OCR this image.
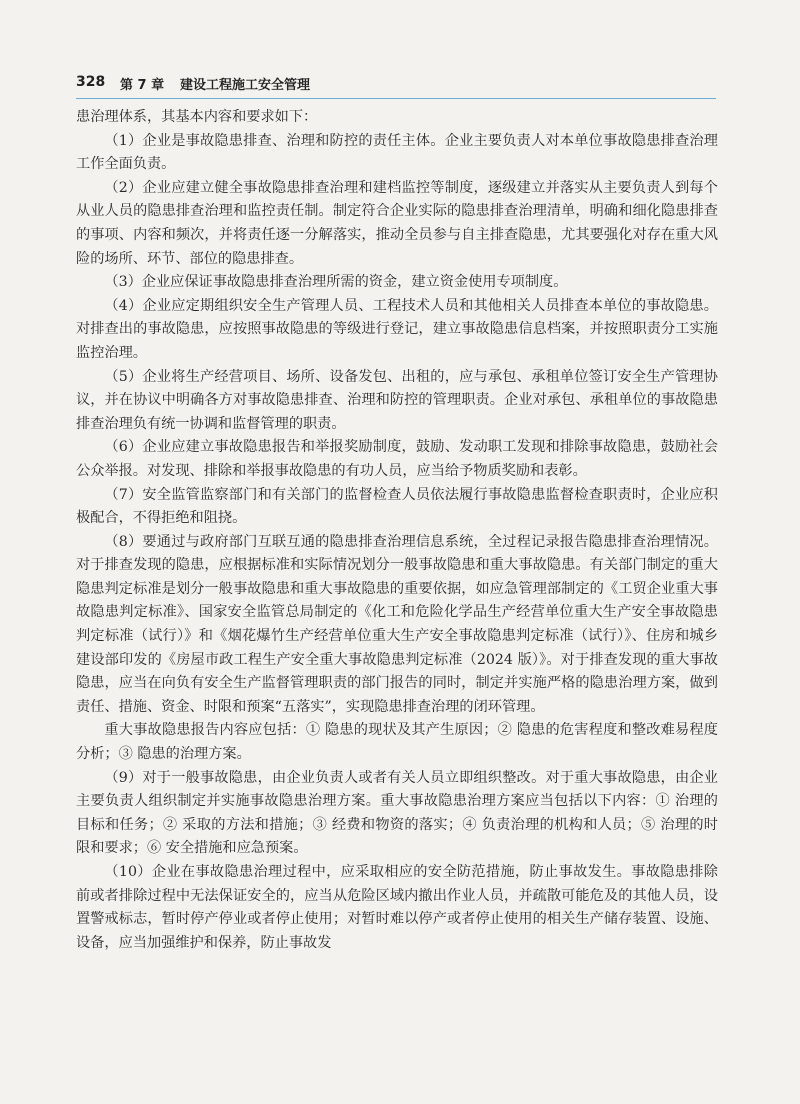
328 第 7 章 建设工程施工安全管理

患治理体系，其基本内容和要求如下：

（1）企业是事故隐患排查、治理和防控的责任主体。企业主要负责人对本单位事故隐患排查治理工作全面负责。

（2）企业应建立健全事故隐患排查治理和建档监控等制度，逐级建立并落实从主要负责人到每个从业人员的隐患排查治理和监控责任制。制定符合企业实际的隐患排查治理清单，明确和细化隐患排查的事项、内容和频次，并将责任逐一分解落实，推动全员参与自主排查隐患，尤其要强化对存在重大风险的场所、环节、部位的隐患排查。

（3）企业应保证事故隐患排查治理所需的资金，建立资金使用专项制度。

（4）企业应定期组织安全生产管理人员、工程技术人员和其他相关人员排查本单位的事故隐患。对排查出的事故隐患，应按照事故隐患的等级进行登记，建立事故隐患信息档案，并按照职责分工实施监控治理。

（5）企业将生产经营项目、场所、设备发包、出租的，应与承包、承租单位签订安全生产管理协议，并在协议中明确各方对事故隐患排查、治理和防控的管理职责。企业对承包、承租单位的事故隐患排查治理负有统一协调和监督管理的职责。

（6）企业应建立事故隐患报告和举报奖励制度，鼓励、发动职工发现和排除事故隐患，鼓励社会公众举报。对发现、排除和举报事故隐患的有功人员，应当给予物质奖励和表彰。

（7）安全监管监察部门和有关部门的监督检查人员依法履行事故隐患监督检查职责时，企业应积极配合，不得拒绝和阻挠。

（8）要通过与政府部门互联互通的隐患排查治理信息系统，全过程记录报告隐患排查治理情况。对于排查发现的隐患，应根据标准和实际情况划分一般事故隐患和重大事故隐患。有关部门制定的重大隐患判定标准是划分一般事故隐患和重大事故隐患的重要依据，如应急管理部制定的《工贸企业重大事故隐患判定标准》、国家安全监管总局制定的《化工和危险化学品生产经营单位重大生产安全事故隐患判定标准（试行）》和《烟花爆竹生产经营单位重大生产安全事故隐患判定标准（试行）》、住房和城乡建设部印发的《房屋市政工程生产安全重大事故隐患判定标准（2024 版）》。对于排查发现的重大事故隐患，应当在向负有安全生产监督管理职责的部门报告的同时，制定并实施严格的隐患治理方案，做到责任、措施、资金、时限和预案“五落实”，实现隐患排查治理的闭环管理。

重大事故隐患报告内容应包括：① 隐患的现状及其产生原因；② 隐患的危害程度和整改难易程度分析；③ 隐患的治理方案。

（9）对于一般事故隐患，由企业负责人或者有关人员立即组织整改。对于重大事故隐患，由企业主要负责人组织制定并实施事故隐患治理方案。重大事故隐患治理方案应当包括以下内容：① 治理的目标和任务；② 采取的方法和措施；③ 经费和物资的落实；④ 负责治理的机构和人员；⑤ 治理的时限和要求；⑥ 安全措施和应急预案。

（10）企业在事故隐患治理过程中，应采取相应的安全防范措施，防止事故发生。事故隐患排除前或者排除过程中无法保证安全的，应当从危险区域内撤出作业人员，并疏散可能危及的其他人员，设置警戒标志，暂时停产停业或者停止使用；对暂时难以停产或者停止使用的相关生产储存装置、设施、设备，应当加强维护和保养，防止事故发
